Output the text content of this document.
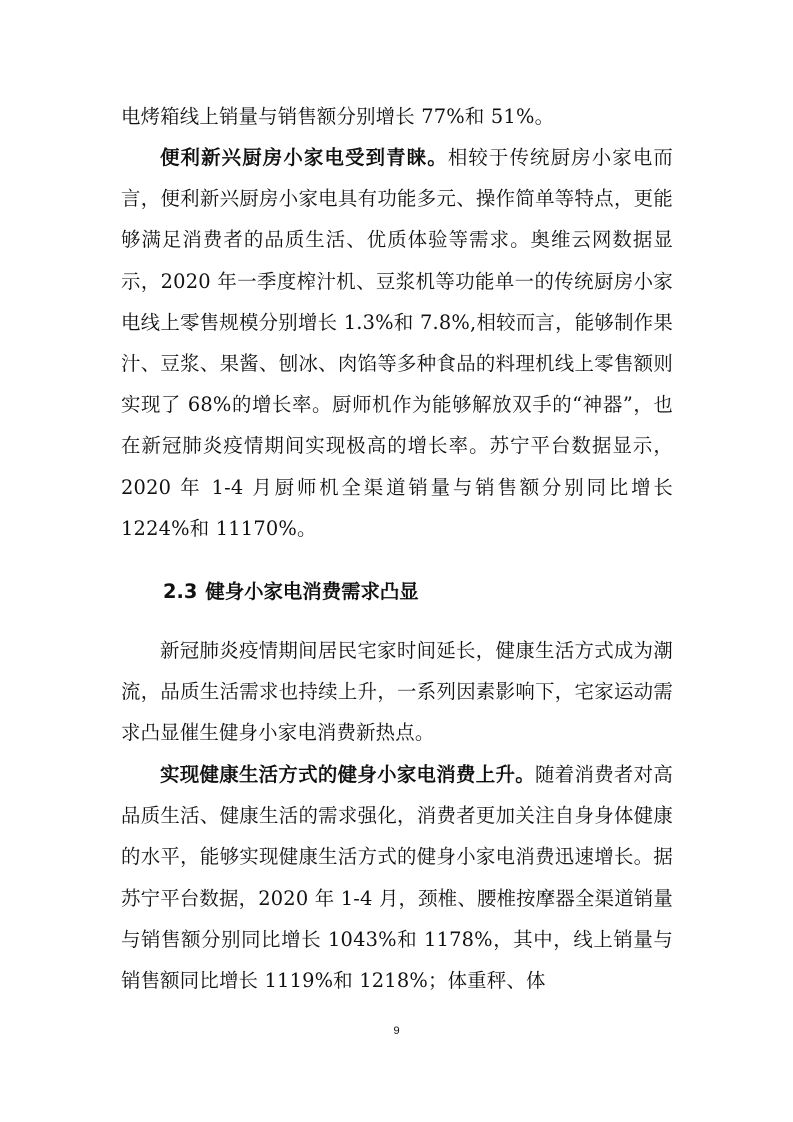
电烤箱线上销量与销售额分别增长 77%和 51%。

便利新兴厨房小家电受到青睐。相较于传统厨房小家电而言，便利新兴厨房小家电具有功能多元、操作简单等特点，更能够满足消费者的品质生活、优质体验等需求。奥维云网数据显示，2020 年一季度榨汁机、豆浆机等功能单一的传统厨房小家电线上零售规模分别增长 1.3%和 7.8%,相较而言，能够制作果汁、豆浆、果酱、刨冰、肉馅等多种食品的料理机线上零售额则实现了 68%的增长率。厨师机作为能够解放双手的“神器”，也在新冠肺炎疫情期间实现极高的增长率。苏宁平台数据显示，2020 年 1-4 月厨师机全渠道销量与销售额分别同比增长 1224%和 11170%。

2.3 健身小家电消费需求凸显

新冠肺炎疫情期间居民宅家时间延长，健康生活方式成为潮流，品质生活需求也持续上升，一系列因素影响下，宅家运动需求凸显催生健身小家电消费新热点。

实现健康生活方式的健身小家电消费上升。随着消费者对高品质生活、健康生活的需求强化，消费者更加关注自身身体健康的水平，能够实现健康生活方式的健身小家电消费迅速增长。据苏宁平台数据，2020 年 1-4 月，颈椎、腰椎按摩器全渠道销量与销售额分别同比增长 1043%和 1178%，其中，线上销量与销售额同比增长 1119%和 1218%；体重秤、体

9
